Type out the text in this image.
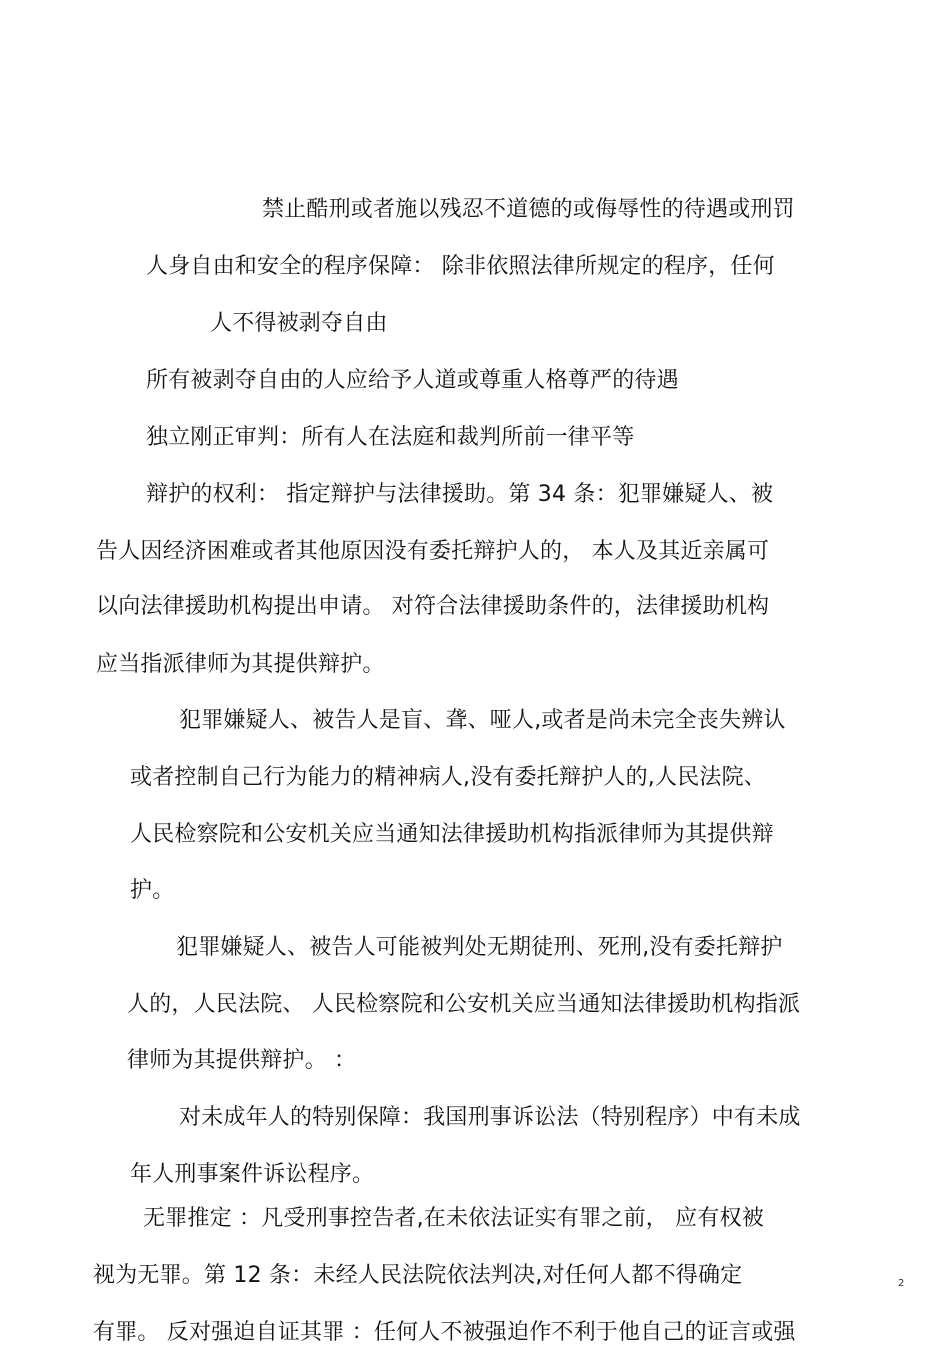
禁止酷刑或者施以残忍不道德的或侮辱性的待遇或刑罚
人身自由和安全的程序保障： 除非依照法律所规定的程序，任何
人不得被剥夺自由
所有被剥夺自由的人应给予人道或尊重人格尊严的待遇
独立刚正审判：所有人在法庭和裁判所前一律平等
辩护的权利： 指定辩护与法律援助。第 34 条：犯罪嫌疑人、被
告人因经济困难或者其他原因没有委托辩护人的， 本人及其近亲属可
以向法律援助机构提出申请。 对符合法律援助条件的，法律援助机构
应当指派律师为其提供辩护。
犯罪嫌疑人、被告人是盲、聋、哑人,或者是尚未完全丧失辨认
或者控制自己行为能力的精神病人,没有委托辩护人的,人民法院、
人民检察院和公安机关应当通知法律援助机构指派律师为其提供辩
护。
犯罪嫌疑人、被告人可能被判处无期徒刑、死刑,没有委托辩护
人的，人民法院、 人民检察院和公安机关应当通知法律援助机构指派
律师为其提供辩护。 ：
对未成年人的特别保障：我国刑事诉讼法（特别程序）中有未成
年人刑事案件诉讼程序。
无罪推定 ：凡受刑事控告者,在未依法证实有罪之前， 应有权被
视为无罪。第 12 条：未经人民法院依法判决,对任何人都不得确定
有罪。 反对强迫自证其罪 ：任何人不被强迫作不利于他自己的证言或强
2
